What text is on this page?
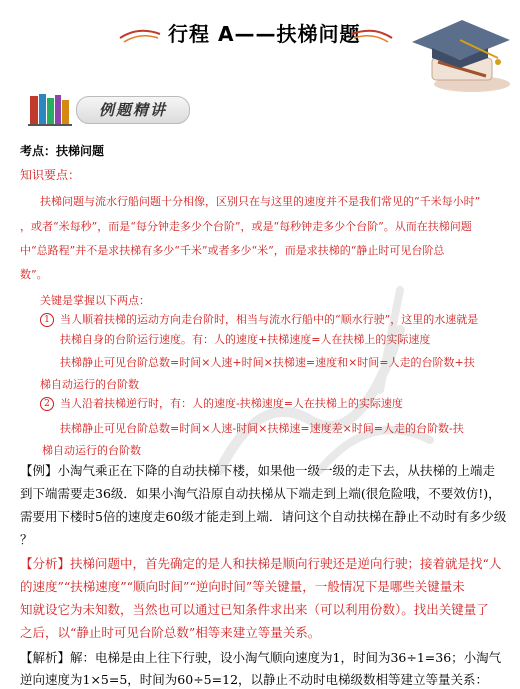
行程 A——扶梯问题
例题精讲
考点：扶梯问题
知识要点：
扶梯问题与流水行船问题十分相像，区别只在与这里的速度并不是我们常见的“千米每小时”
，或者“米每秒”，而是“每分钟走多少个台阶”，或是“每秒钟走多少个台阶”。从而在扶梯问题
中“总路程”并不是求扶梯有多少“千米”或者多少“米”，而是求扶梯的“静止时可见台阶总
数”。
关键是掌握以下两点：
1 当人顺着扶梯的运动方向走台阶时，相当与流水行船中的“顺水行驶”，这里的水速就是
扶梯自身的台阶运行速度。有：人的速度+扶梯速度=人在扶梯上的实际速度
扶梯静止可见台阶总数=时间×人速+时间×扶梯速=速度和×时间=人走的台阶数+扶
梯自动运行的台阶数
2 当人沿着扶梯逆行时，有：人的速度-扶梯速度=人在扶梯上的实际速度
扶梯静止可见台阶总数=时间×人速-时间×扶梯速=速度差×时间=人走的台阶数-扶
梯自动运行的台阶数
【例】小淘气乘正在下降的自动扶梯下楼，如果他一级一级的走下去，从扶梯的上端走
到下端需要走36级．如果小淘气沿原自动扶梯从下端走到上端(很危险哦，不要效仿!)，
需要用下楼时5倍的速度走60级才能走到上端．请问这个自动扶梯在静止不动时有多少级
？
【分析】扶梯问题中，首先确定的是人和扶梯是顺向行驶还是逆向行驶；接着就是找“人
的速度”“扶梯速度”“顺向时间”“逆向时间”等关键量，一般情况下是哪些关键量未
知就设它为未知数，当然也可以通过已知条件求出来（可以利用份数）。找出关键量了
之后，以“静止时可见台阶总数”相等来建立等量关系。
【解析】解：电梯是由上往下行驶，设小淘气顺向速度为1，时间为36÷1=36；小淘气
逆向速度为1×5=5，时间为60÷5=12，以静止不动时电梯级数相等建立等量关系：
